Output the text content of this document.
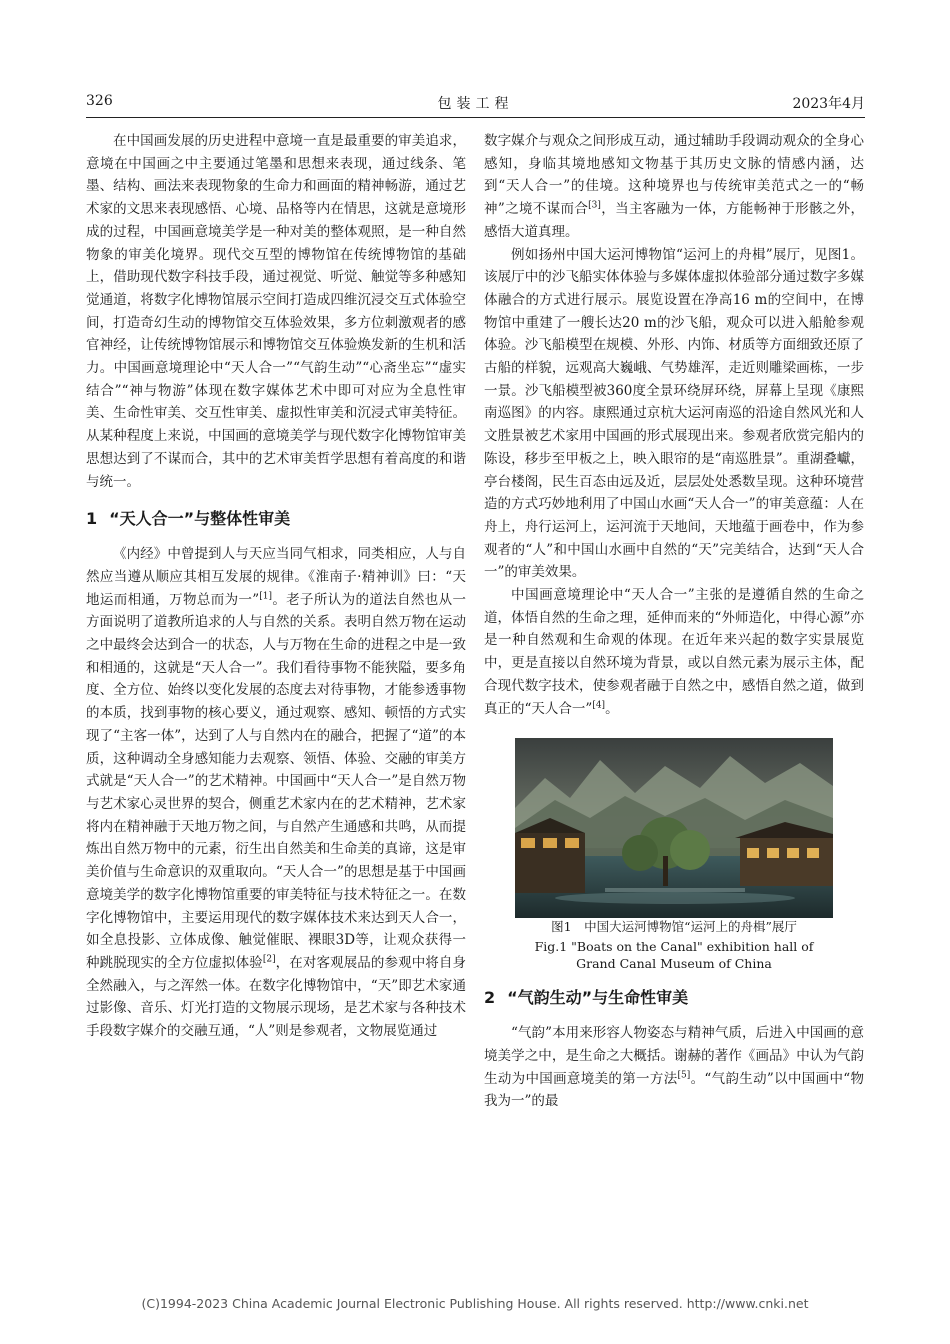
326	包装工程	2023年4月

在中国画发展的历史进程中意境一直是最重要的审美追求，意境在中国画之中主要通过笔墨和思想来表现，通过线条、笔墨、结构、画法来表现物象的生命力和画面的精神畅游，通过艺术家的文思来表现感悟、心境、品格等内在情思，这就是意境形成的过程，中国画意境美学是一种对美的整体观照，是一种自然物象的审美化境界。现代交互型的博物馆在传统博物馆的基础上，借助现代数字科技手段，通过视觉、听觉、触觉等多种感知觉通道，将数字化博物馆展示空间打造成四维沉浸交互式体验空间，打造奇幻生动的博物馆交互体验效果，多方位刺激观者的感官神经，让传统博物馆展示和博物馆交互体验焕发新的生机和活力。中国画意境理论中“天人合一”“气韵生动”“心斋坐忘”“虚实结合”“神与物游”体现在数字媒体艺术中即可对应为全息性审美、生命性审美、交互性审美、虚拟性审美和沉浸式审美特征。从某种程度上来说，中国画的意境美学与现代数字化博物馆审美思想达到了不谋而合，其中的艺术审美哲学思想有着高度的和谐与统一。

1 “天人合一”与整体性审美

《内经》中曾提到人与天应当同气相求，同类相应，人与自然应当遵从顺应其相互发展的规律。《淮南子·精神训》曰：“天地运而相通，万物总而为一”[1]。老子所认为的道法自然也从一方面说明了道教所追求的人与自然的关系。表明自然万物在运动之中最终会达到合一的状态，人与万物在生命的进程之中是一致和相通的，这就是“天人合一”。我们看待事物不能狭隘，要多角度、全方位、始终以变化发展的态度去对待事物，才能参透事物的本质，找到事物的核心要义，通过观察、感知、顿悟的方式实现了“主客一体”，达到了人与自然内在的融合，把握了“道”的本质，这种调动全身感知能力去观察、领悟、体验、交融的审美方式就是“天人合一”的艺术精神。中国画中“天人合一”是自然万物与艺术家心灵世界的契合，侧重艺术家内在的艺术精神，艺术家将内在精神融于天地万物之间，与自然产生通感和共鸣，从而提炼出自然万物中的元素，衍生出自然美和生命美的真谛，这是审美价值与生命意识的双重取向。“天人合一”的思想是基于中国画意境美学的数字化博物馆重要的审美特征与技术特征之一。在数字化博物馆中，主要运用现代的数字媒体技术来达到天人合一，如全息投影、立体成像、触觉催眠、裸眼3D等，让观众获得一种跳脱现实的全方位虚拟体验[2]，在对客观展品的参观中将自身全然融入，与之浑然一体。在数字化博物馆中，“天”即艺术家通过影像、音乐、灯光打造的文物展示现场，是艺术家与各种技术手段数字媒介的交融互通，“人”则是参观者，文物展览通过

数字媒介与观众之间形成互动，通过辅助手段调动观众的全身心感知，身临其境地感知文物基于其历史文脉的情感内涵，达到“天人合一”的佳境。这种境界也与传统审美范式之一的“畅神”之境不谋而合[3]，当主客融为一体，方能畅神于形骸之外，感悟大道真理。

例如扬州中国大运河博物馆“运河上的舟楫”展厅，见图1。该展厅中的沙飞船实体体验与多媒体虚拟体验部分通过数字多媒体融合的方式进行展示。展览设置在净高16 m的空间中，在博物馆中重建了一艘长达20 m的沙飞船，观众可以进入船舱参观体验。沙飞船模型在规模、外形、内饰、材质等方面细致还原了古船的样貌，远观高大巍峨、气势雄浑，走近则雕梁画栋，一步一景。沙飞船模型被360度全景环绕屏环绕，屏幕上呈现《康熙南巡图》的内容。康熙通过京杭大运河南巡的沿途自然风光和人文胜景被艺术家用中国画的形式展现出来。参观者欣赏完船内的陈设，移步至甲板之上，映入眼帘的是“南巡胜景”。重湖叠巘，亭台楼阁，民生百态由远及近，层层处处悉数呈现。这种环境营造的方式巧妙地利用了中国山水画“天人合一”的审美意蕴：人在舟上，舟行运河上，运河流于天地间，天地蕴于画卷中，作为参观者的“人”和中国山水画中自然的“天”完美结合，达到“天人合一”的审美效果。

中国画意境理论中“天人合一”主张的是遵循自然的生命之道，体悟自然的生命之理，延伸而来的“外师造化，中得心源”亦是一种自然观和生命观的体现。在近年来兴起的数字实景展览中，更是直接以自然环境为背景，或以自然元素为展示主体，配合现代数字技术，使参观者融于自然之中，感悟自然之道，做到真正的“天人合一”[4]。

图1　中国大运河博物馆“运河上的舟楫”展厅
Fig.1 "Boats on the Canal" exhibition hall of
Grand Canal Museum of China
2 “气韵生动”与生命性审美

“气韵”本用来形容人物姿态与精神气质，后进入中国画的意境美学之中，是生命之大概括。谢赫的著作《画品》中认为气韵生动为中国画意境美的第一方法[5]。“气韵生动”以中国画中“物我为一”的最

(C)1994-2023 China Academic Journal Electronic Publishing House. All rights reserved. http://www.cnki.net
